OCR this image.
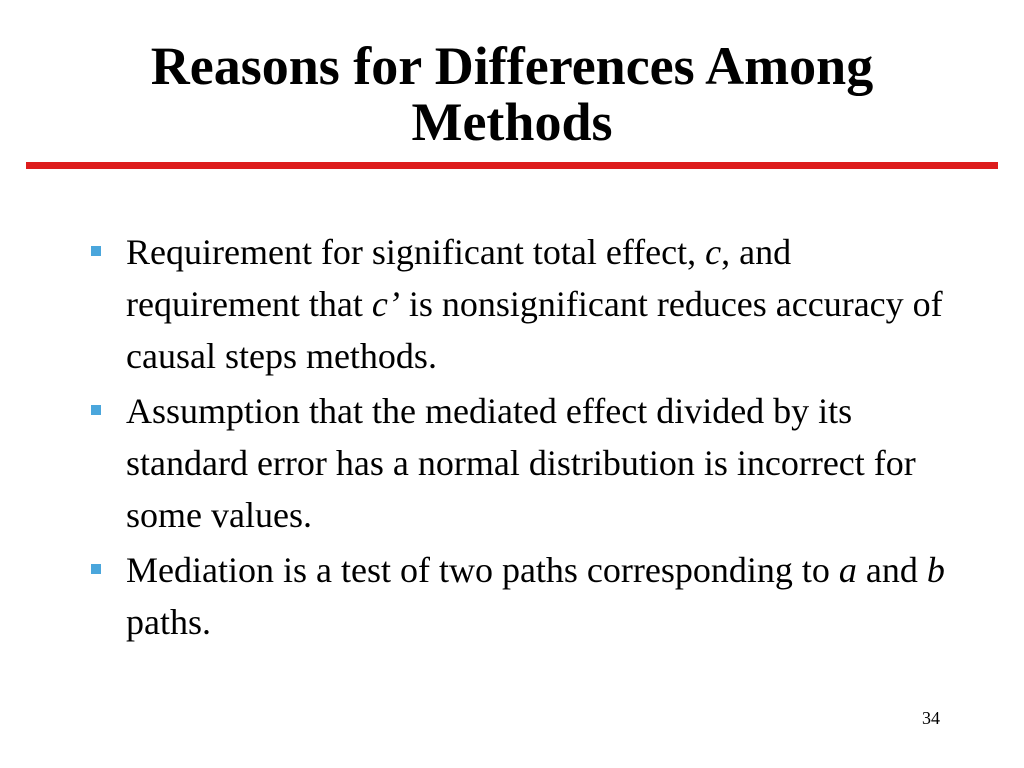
Reasons for Differences Among
Methods
Requirement for significant total effect, c, and requirement that c’ is nonsignificant reduces accuracy of causal steps methods.
Assumption that the mediated effect divided by its standard error has a normal distribution is incorrect for some values.
Mediation is a test of two paths corresponding to a and b paths.
34
